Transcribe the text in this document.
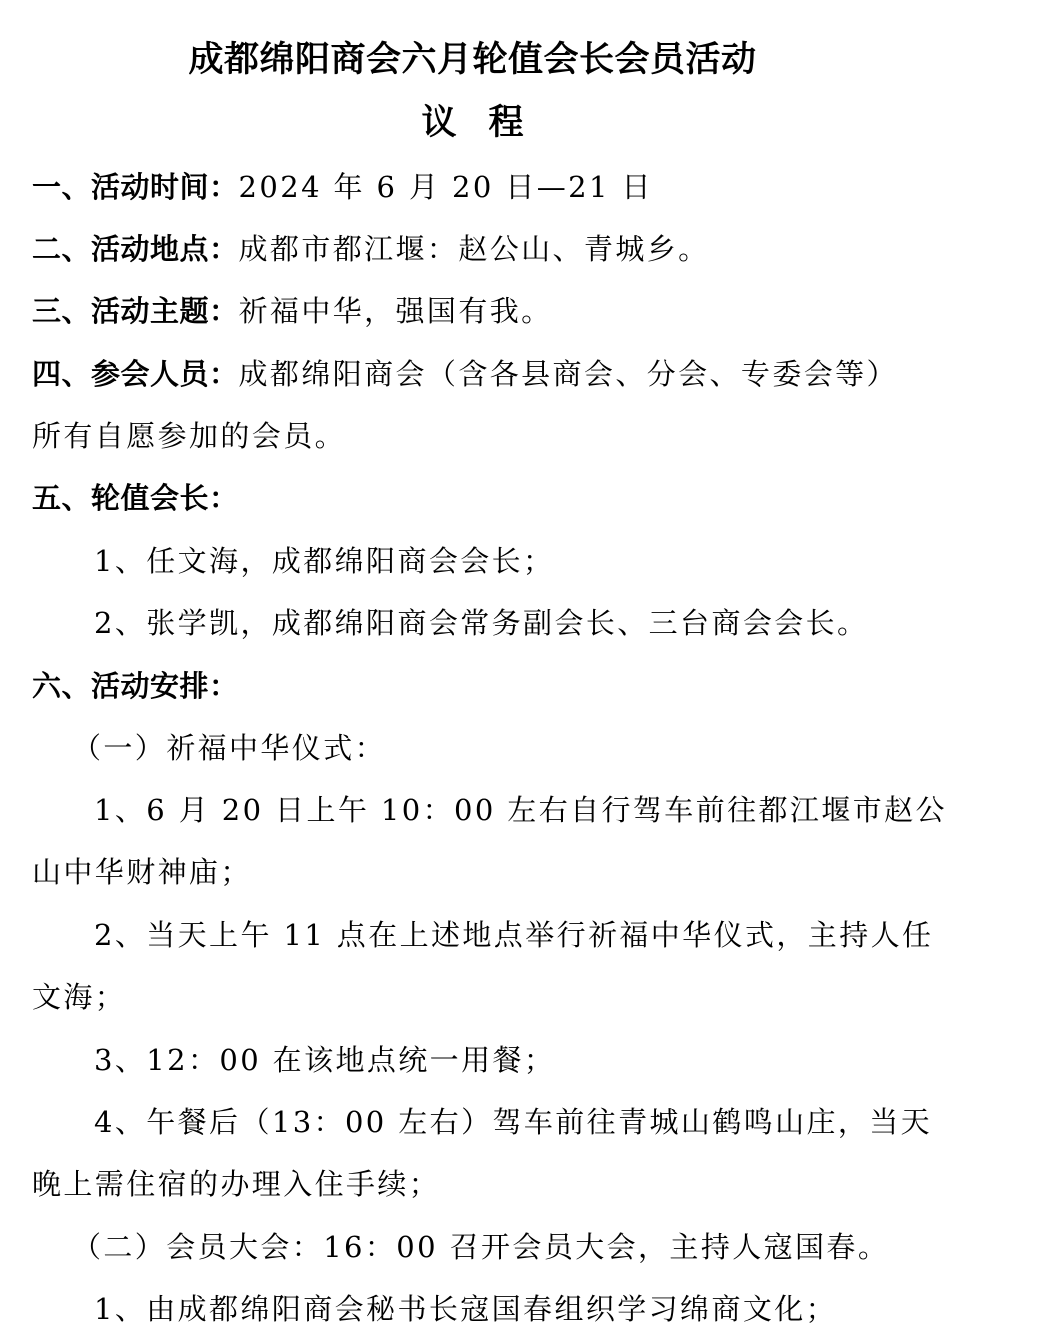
成都绵阳商会六月轮值会长会员活动
议程
一、活动时间：2024 年 6 月 20 日—21 日
二、活动地点：成都市都江堰：赵公山、青城乡。
三、活动主题：祈福中华，强国有我。
四、参会人员：成都绵阳商会（含各县商会、分会、专委会等）
所有自愿参加的会员。
五、轮值会长：
1、任文海，成都绵阳商会会长；
2、张学凯，成都绵阳商会常务副会长、三台商会会长。
六、活动安排：
（一）祈福中华仪式：
1、6 月 20 日上午 10：00 左右自行驾车前往都江堰市赵公
山中华财神庙；
2、当天上午 11 点在上述地点举行祈福中华仪式，主持人任
文海；
3、12：00 在该地点统一用餐；
4、午餐后（13：00 左右）驾车前往青城山鹤鸣山庄，当天
晚上需住宿的办理入住手续；
（二）会员大会：16：00 召开会员大会，主持人寇国春。
1、由成都绵阳商会秘书长寇国春组织学习绵商文化；
